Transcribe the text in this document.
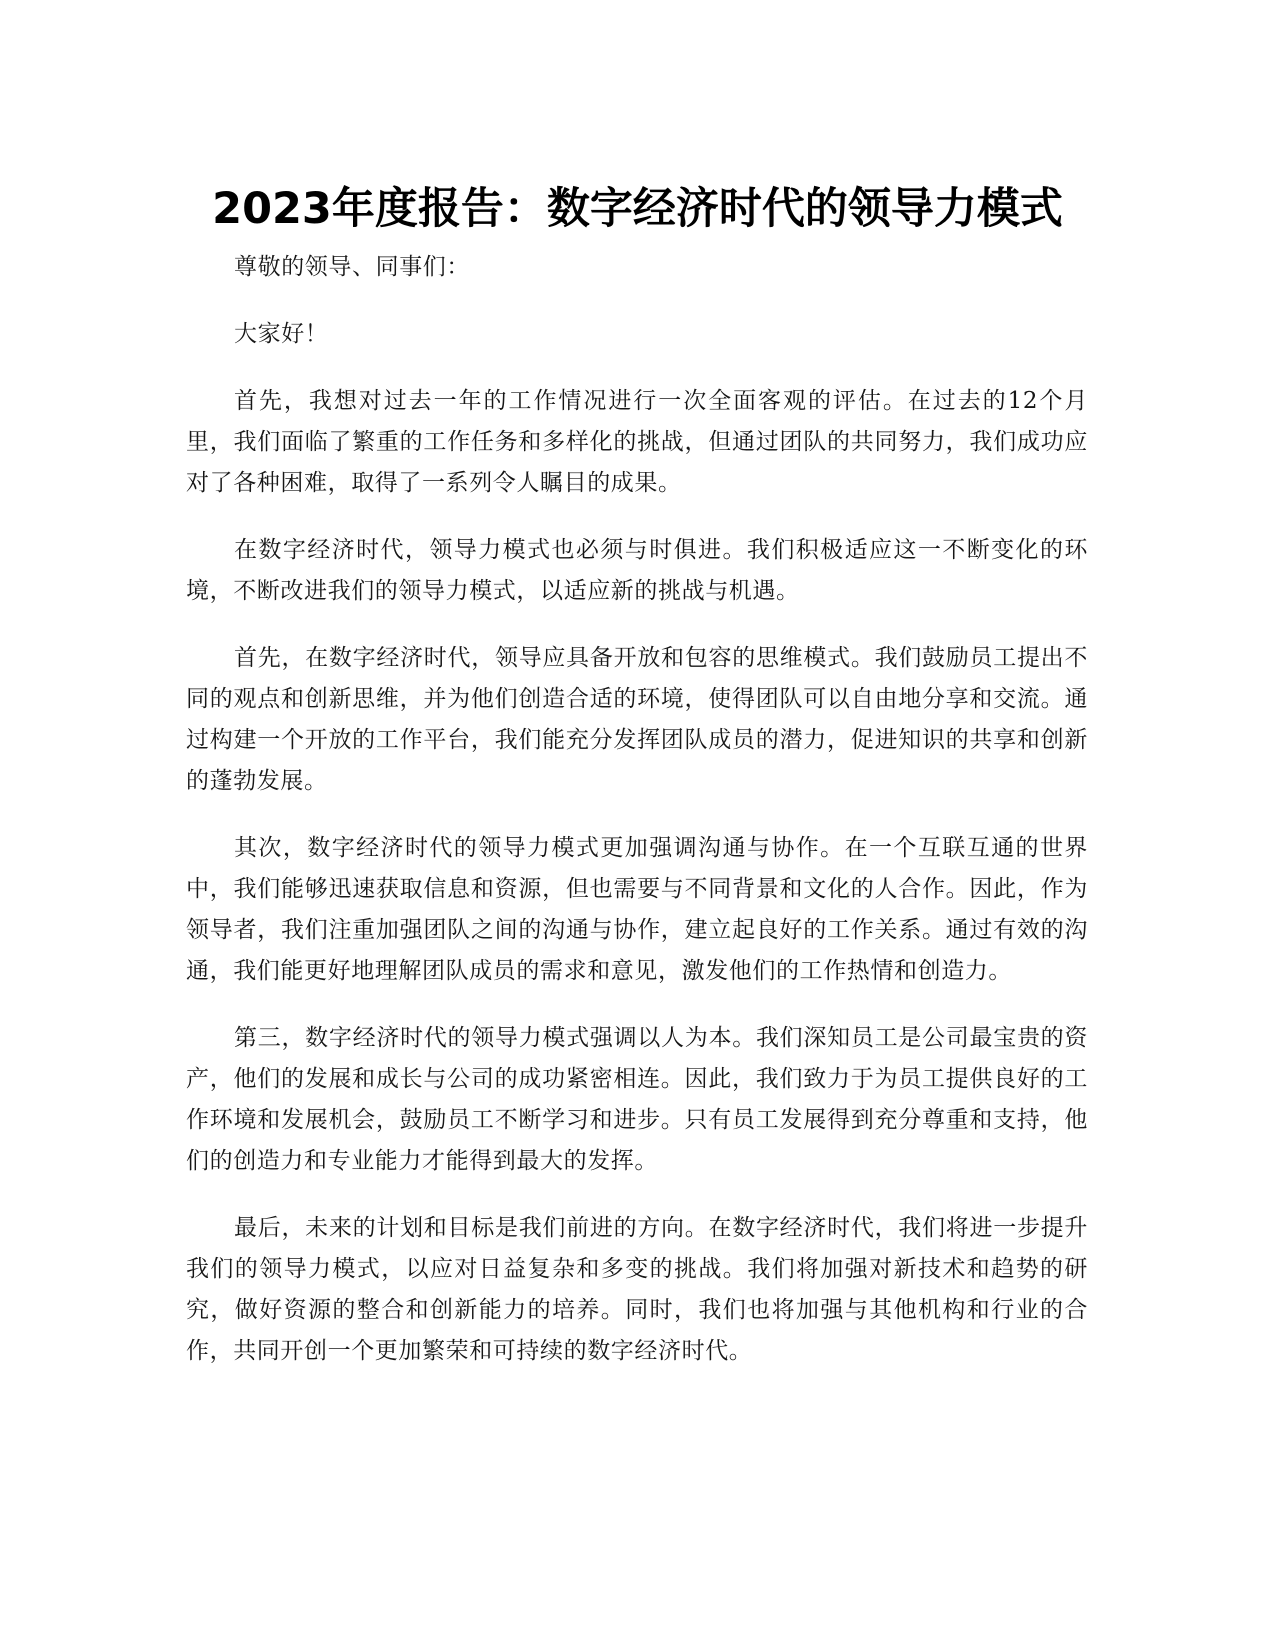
2023年度报告：数字经济时代的领导力模式

尊敬的领导、同事们：

大家好！

首先，我想对过去一年的工作情况进行一次全面客观的评估。在过去的12个月里，我们面临了繁重的工作任务和多样化的挑战，但通过团队的共同努力，我们成功应对了各种困难，取得了一系列令人瞩目的成果。

在数字经济时代，领导力模式也必须与时俱进。我们积极适应这一不断变化的环境，不断改进我们的领导力模式，以适应新的挑战与机遇。

首先，在数字经济时代，领导应具备开放和包容的思维模式。我们鼓励员工提出不同的观点和创新思维，并为他们创造合适的环境，使得团队可以自由地分享和交流。通过构建一个开放的工作平台，我们能充分发挥团队成员的潜力，促进知识的共享和创新的蓬勃发展。

其次，数字经济时代的领导力模式更加强调沟通与协作。在一个互联互通的世界中，我们能够迅速获取信息和资源，但也需要与不同背景和文化的人合作。因此，作为领导者，我们注重加强团队之间的沟通与协作，建立起良好的工作关系。通过有效的沟通，我们能更好地理解团队成员的需求和意见，激发他们的工作热情和创造力。

第三，数字经济时代的领导力模式强调以人为本。我们深知员工是公司最宝贵的资产，他们的发展和成长与公司的成功紧密相连。因此，我们致力于为员工提供良好的工作环境和发展机会，鼓励员工不断学习和进步。只有员工发展得到充分尊重和支持，他们的创造力和专业能力才能得到最大的发挥。

最后，未来的计划和目标是我们前进的方向。在数字经济时代，我们将进一步提升我们的领导力模式，以应对日益复杂和多变的挑战。我们将加强对新技术和趋势的研究，做好资源的整合和创新能力的培养。同时，我们也将加强与其他机构和行业的合作，共同开创一个更加繁荣和可持续的数字经济时代。
